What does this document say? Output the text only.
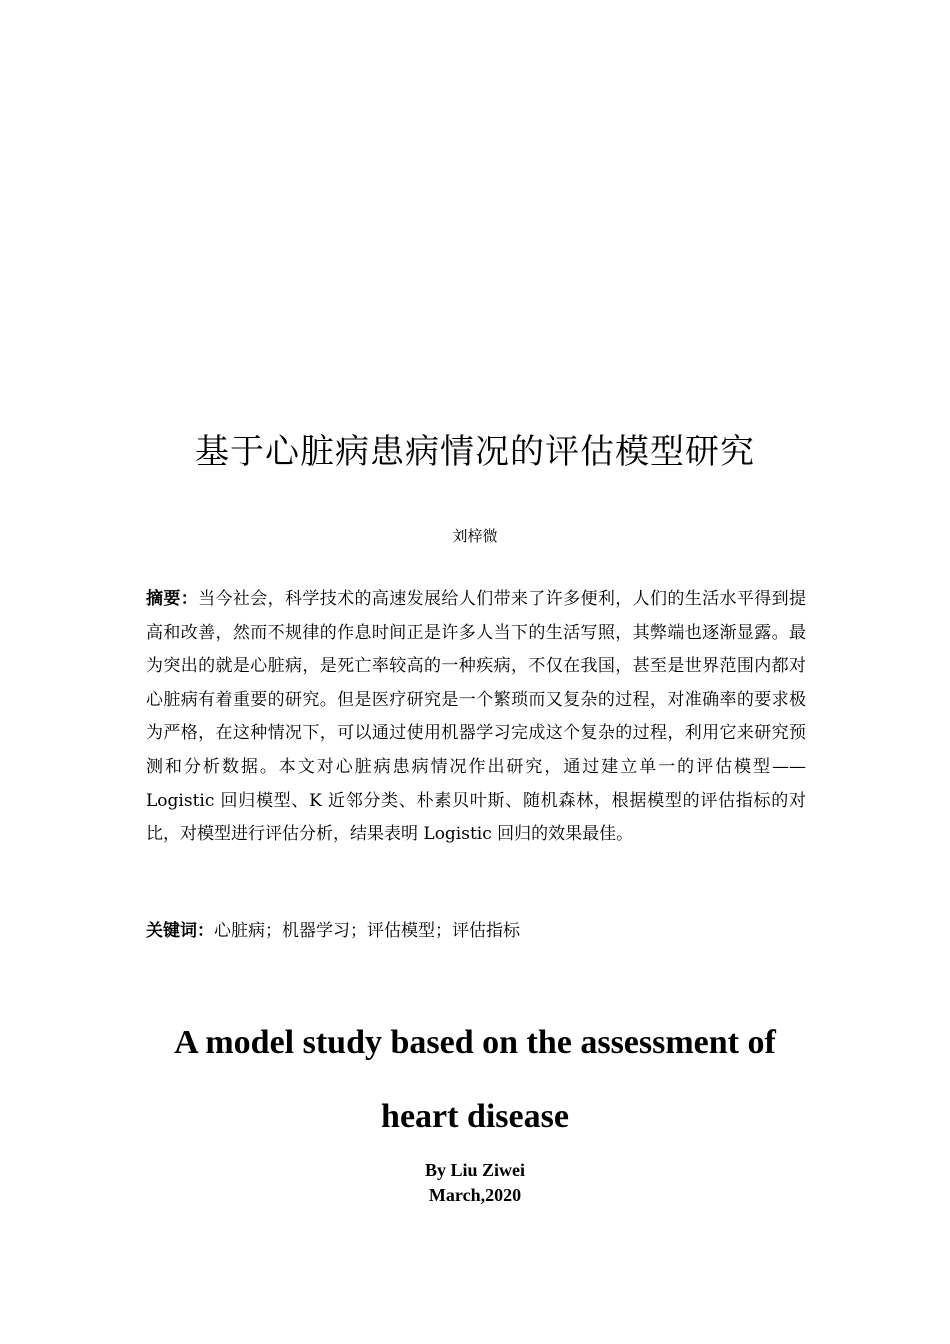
基于心脏病患病情况的评估模型研究

刘梓微

摘要：当今社会，科学技术的高速发展给人们带来了许多便利，人们的生活水平得到提高和改善，然而不规律的作息时间正是许多人当下的生活写照，其弊端也逐渐显露。最为突出的就是心脏病，是死亡率较高的一种疾病，不仅在我国，甚至是世界范围内都对心脏病有着重要的研究。但是医疗研究是一个繁琐而又复杂的过程，对准确率的要求极为严格，在这种情况下，可以通过使用机器学习完成这个复杂的过程，利用它来研究预测和分析数据。本文对心脏病患病情况作出研究，通过建立单一的评估模型——Logistic 回归模型、K 近邻分类、朴素贝叶斯、随机森林，根据模型的评估指标的对比，对模型进行评估分析，结果表明 Logistic 回归的效果最佳。

关键词：心脏病；机器学习；评估模型；评估指标

A model study based on the assessment of
heart disease

By Liu Ziwei
March,2020
